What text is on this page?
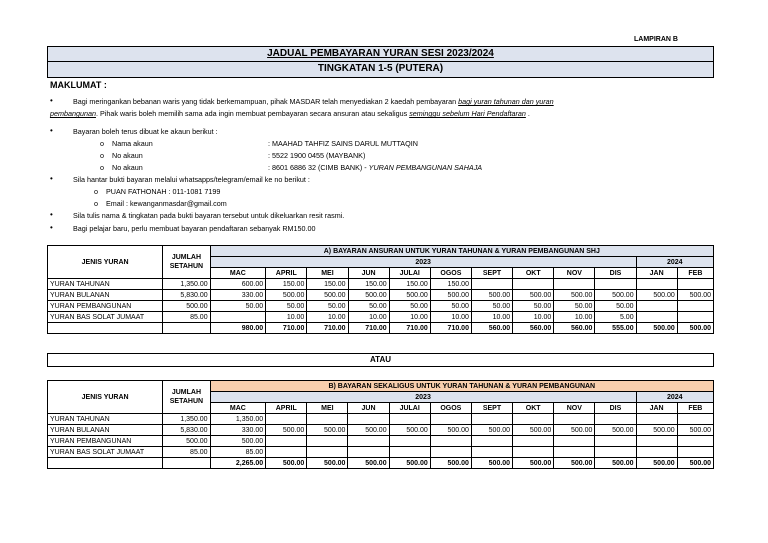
LAMPIRAN B
JADUAL PEMBAYARAN YURAN SESI 2023/2024
TINGKATAN 1-5 (PUTERA)
MAKLUMAT :
•	Bagi meringankan bebanan waris yang tidak berkemampuan, pihak MASDAR telah menyediakan 2 kaedah pembayaran bagi yuran tahunan dan yuran
pembangunan. Pihak waris boleh memilih sama ada ingin membuat pembayaran secara ansuran atau sekaligus seminggu sebelum Hari Pendaftaran .
•	Bayaran boleh terus dibuat ke akaun berikut :
o Nama akaun	: MAAHAD TAHFIZ SAINS DARUL MUTTAQIN
o No akaun	: 5522 1900 0455 (MAYBANK)
o No akaun	: 8601 6886 32 (CIMB BANK) - YURAN PEMBANGUNAN SAHAJA
•	Sila hantar bukti bayaran melalui whatsapps/telegram/email ke no berikut :
o PUAN FATHONAH : 011-1081 7199
o Email : kewanganmasdar@gmail.com
•	Sila tulis nama & tingkatan pada bukti bayaran tersebut untuk dikeluarkan resit rasmi.
•	Bagi pelajar baru, perlu membuat bayaran pendaftaran sebanyak RM150.00
JENIS YURAN	JUMLAH
SETAHUN	A) BAYARAN ANSURAN UNTUK YURAN TAHUNAN & YURAN PEMBANGUNAN SHJ											
		2023										2024	
		MAC	APRIL	MEI	JUN	JULAI	OGOS	SEPT	OKT	NOV	DIS	JAN	FEB
YURAN TAHUNAN	1,350.00	600.00	150.00	150.00	150.00	150.00	150.00						
YURAN BULANAN	5,830.00	330.00	500.00	500.00	500.00	500.00	500.00	500.00	500.00	500.00	500.00	500.00	500.00
YURAN PEMBANGUNAN	500.00	50.00	50.00	50.00	50.00	50.00	50.00	50.00	50.00	50.00	50.00		
YURAN BAS SOLAT JUMAAT	85.00		10.00	10.00	10.00	10.00	10.00	10.00	10.00	10.00	5.00		
		980.00	710.00	710.00	710.00	710.00	710.00	560.00	560.00	560.00	555.00	500.00	500.00
ATAU
JENIS YURAN	JUMLAH
SETAHUN	B) BAYARAN SEKALIGUS UNTUK YURAN TAHUNAN & YURAN PEMBANGUNAN											
		2023										2024	
		MAC	APRIL	MEI	JUN	JULAI	OGOS	SEPT	OKT	NOV	DIS	JAN	FEB
YURAN TAHUNAN	1,350.00	1,350.00											
YURAN BULANAN	5,830.00	330.00	500.00	500.00	500.00	500.00	500.00	500.00	500.00	500.00	500.00	500.00	500.00
YURAN PEMBANGUNAN	500.00	500.00											
YURAN BAS SOLAT JUMAAT	85.00	85.00											
		2,265.00	500.00	500.00	500.00	500.00	500.00	500.00	500.00	500.00	500.00	500.00	500.00
